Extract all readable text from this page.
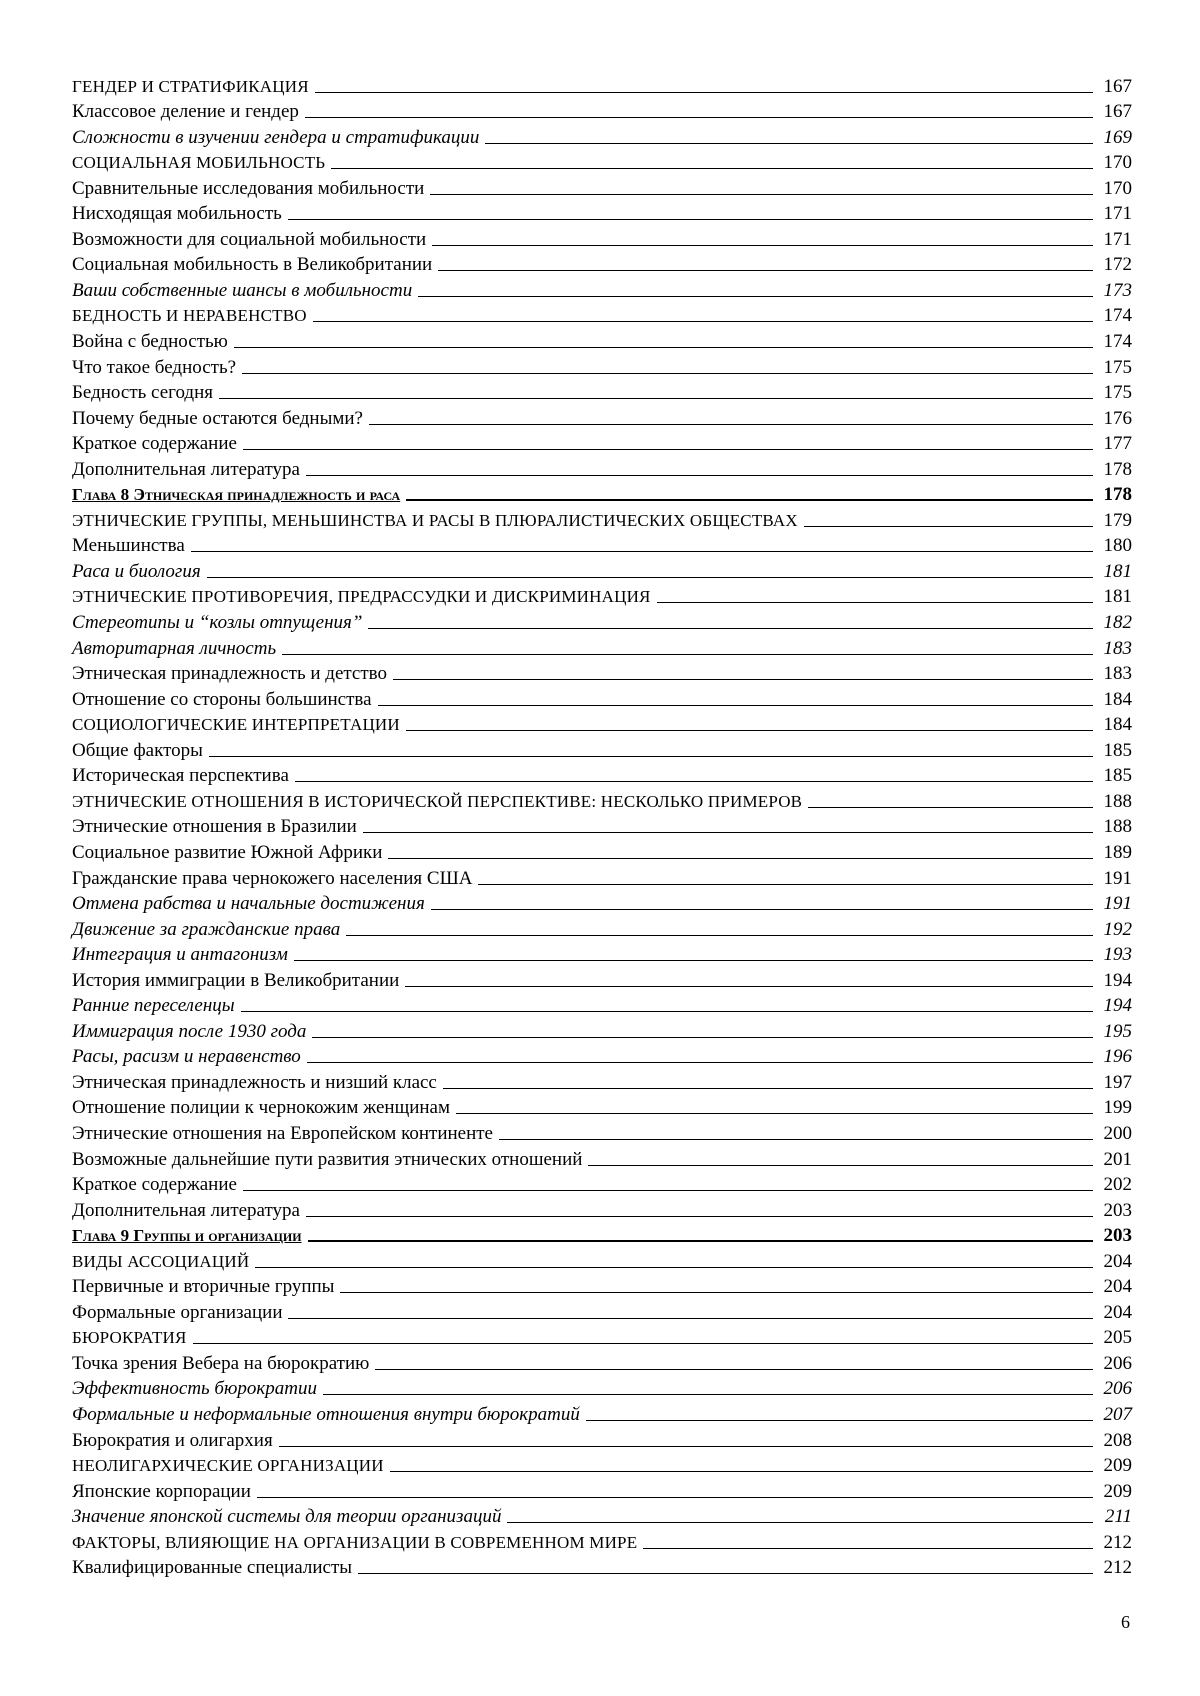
ГЕНДЕР И СТРАТИФИКАЦИЯ	167
Классовое деление и гендер	167
Сложности в изучении гендера и стратификации	169
СОЦИАЛЬНАЯ МОБИЛЬНОСТЬ	170
Сравнительные исследования мобильности	170
Нисходящая мобильность	171
Возможности для социальной мобильности	171
Социальная мобильность в Великобритании	172
Ваши собственные шансы в мобильности	173
БЕДНОСТЬ И НЕРАВЕНСТВО	174
Война с бедностью	174
Что такое бедность?	175
Бедность сегодня	175
Почему бедные остаются бедными?	176
Краткое содержание	177
Дополнительная литература	178
Глава 8 Этническая принадлежность и раса	178
ЭТНИЧЕСКИЕ ГРУППЫ, МЕНЬШИНСТВА И РАСЫ В ПЛЮРАЛИСТИЧЕСКИХ ОБЩЕСТВАХ	179
Меньшинства	180
Раса и биология	181
ЭТНИЧЕСКИЕ ПРОТИВОРЕЧИЯ, ПРЕДРАССУДКИ И ДИСКРИМИНАЦИЯ	181
Стереотипы и “козлы отпущения”	182
Авторитарная личность	183
Этническая принадлежность и детство	183
Отношение со стороны большинства	184
СОЦИОЛОГИЧЕСКИЕ ИНТЕРПРЕТАЦИИ	184
Общие факторы	185
Историческая перспектива	185
ЭТНИЧЕСКИЕ ОТНОШЕНИЯ В ИСТОРИЧЕСКОЙ ПЕРСПЕКТИВЕ: НЕСКОЛЬКО ПРИМЕРОВ	188
Этнические отношения в Бразилии	188
Социальное развитие Южной Африки	189
Гражданские права чернокожего населения США	191
Отмена рабства и начальные достижения	191
Движение за гражданские права	192
Интеграция и антагонизм	193
История иммиграции в Великобритании	194
Ранние переселенцы	194
Иммиграция после 1930 года	195
Расы, расизм и неравенство	196
Этническая принадлежность и низший класс	197
Отношение полиции к чернокожим женщинам	199
Этнические отношения на Европейском континенте	200
Возможные дальнейшие пути развития этнических отношений	201
Краткое содержание	202
Дополнительная литература	203
Глава 9 Группы и организации	203
ВИДЫ АССОЦИАЦИЙ	204
Первичные и вторичные группы	204
Формальные организации	204
БЮРОКРАТИЯ	205
Точка зрения Вебера на бюрократию	206
Эффективность бюрократии	206
Формальные и неформальные отношения внутри бюрократий	207
Бюрократия и олигархия	208
НЕОЛИГАРХИЧЕСКИЕ ОРГАНИЗАЦИИ	209
Японские корпорации	209
Значение японской системы для теории организаций	211
ФАКТОРЫ, ВЛИЯЮЩИЕ НА ОРГАНИЗАЦИИ В СОВРЕМЕННОМ МИРЕ	212
Квалифицированные специалисты	212
6
